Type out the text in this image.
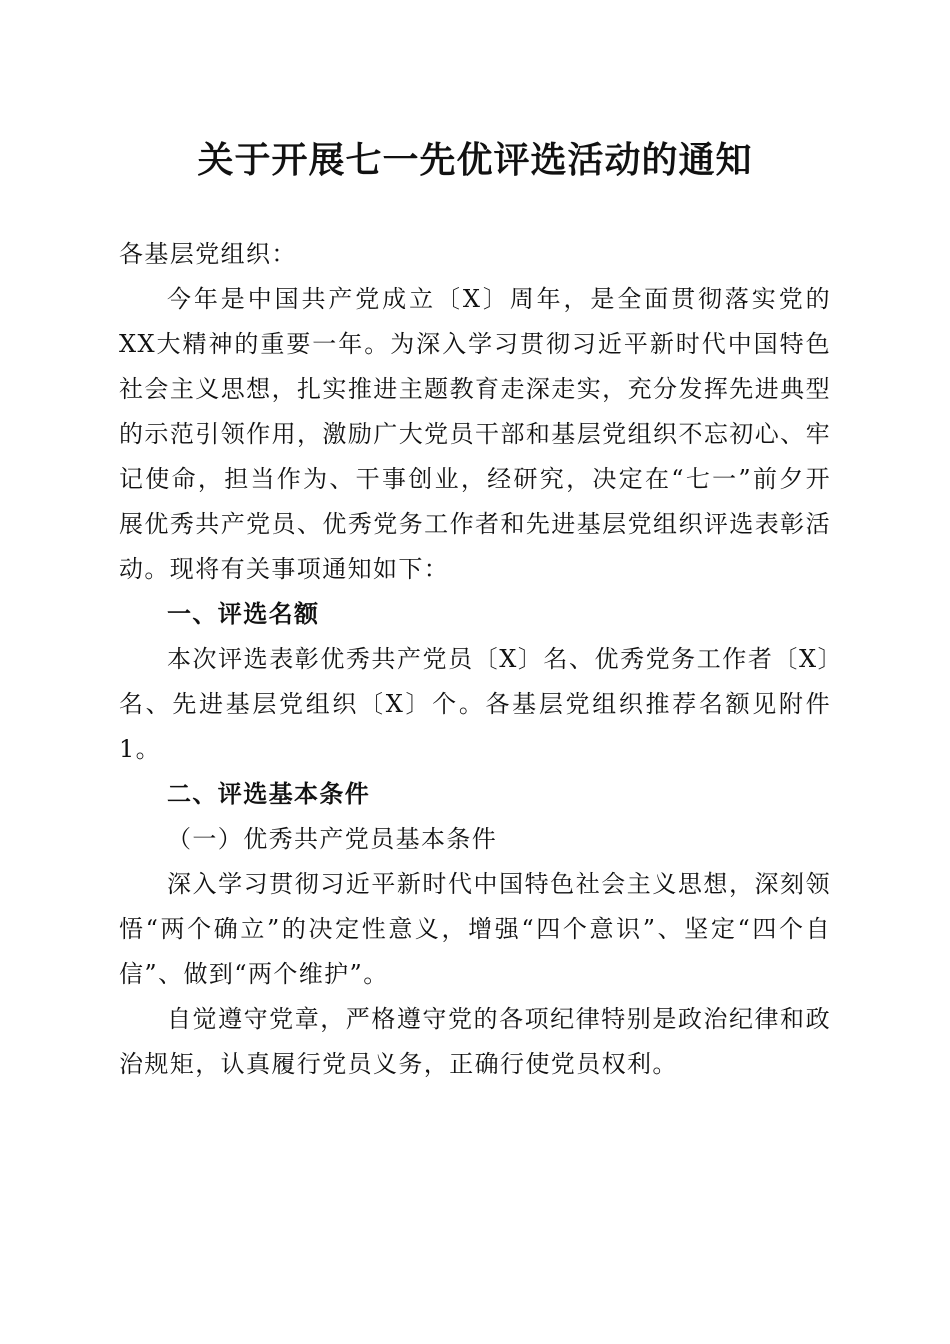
关于开展七一先优评选活动的通知

各基层党组织：

今年是中国共产党成立〔X〕周年，是全面贯彻落实党的XX大精神的重要一年。为深入学习贯彻习近平新时代中国特色社会主义思想，扎实推进主题教育走深走实，充分发挥先进典型的示范引领作用，激励广大党员干部和基层党组织不忘初心、牢记使命，担当作为、干事创业，经研究，决定在“七一”前夕开展优秀共产党员、优秀党务工作者和先进基层党组织评选表彰活动。现将有关事项通知如下：

一、评选名额

本次评选表彰优秀共产党员〔X〕名、优秀党务工作者〔X〕名、先进基层党组织〔X〕个。各基层党组织推荐名额见附件1。

二、评选基本条件

（一）优秀共产党员基本条件

深入学习贯彻习近平新时代中国特色社会主义思想，深刻领悟“两个确立”的决定性意义，增强“四个意识”、坚定“四个自信”、做到“两个维护”。

自觉遵守党章，严格遵守党的各项纪律特别是政治纪律和政治规矩，认真履行党员义务，正确行使党员权利。
